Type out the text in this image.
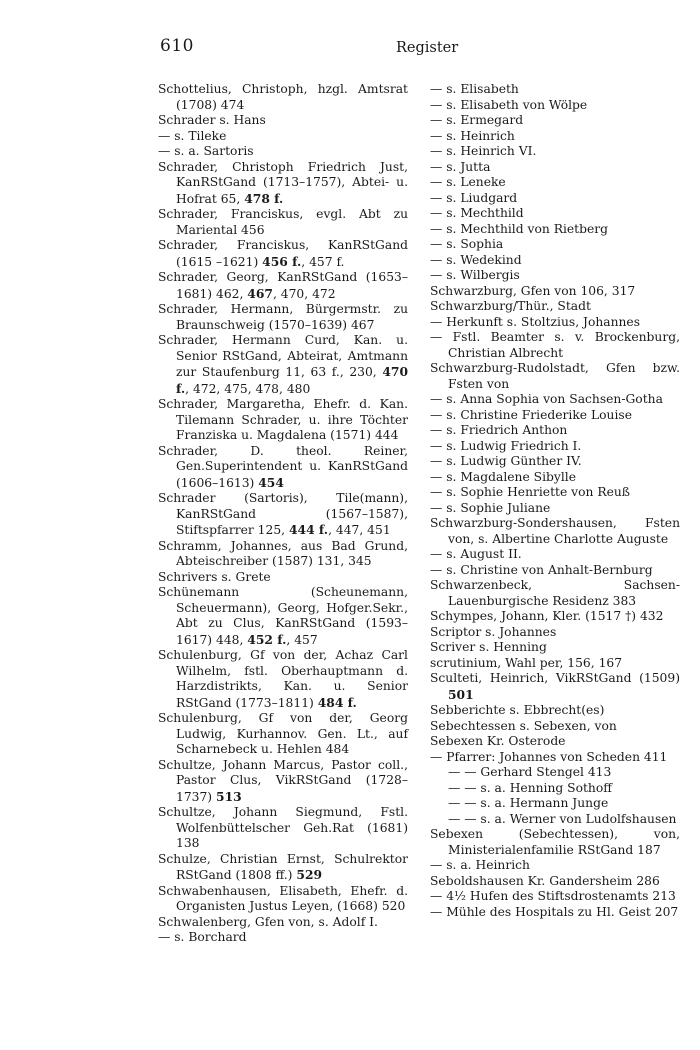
610	Register
Schottelius, Christoph, hzgl. Amtsrat (1708) 474
Schrader s. Hans
— s. Tileke
— s. a. Sartoris
Schrader, Christoph Friedrich Just, KanRStGand (1713–1757), Abtei- u. Hofrat 65, 478 f.
Schrader, Franciskus, evgl. Abt zu Mariental 456
Schrader, Franciskus, KanRStGand (1615 –1621) 456 f., 457 f.
Schrader, Georg, KanRStGand (1653–1681) 462, 467, 470, 472
Schrader, Hermann, Bürgermstr. zu Braunschweig (1570–1639) 467
Schrader, Hermann Curd, Kan. u. Senior RStGand, Abteirat, Amtmann zur Staufenburg 11, 63 f., 230, 470 f., 472, 475, 478, 480
Schrader, Margaretha, Ehefr. d. Kan. Tilemann Schrader, u. ihre Töchter Franziska u. Magdalena (1571) 444
Schrader, D. theol. Reiner, Gen.Superintendent u. KanRStGand (1606–1613) 454
Schrader (Sartoris), Tile(mann), KanRStGand (1567–1587), Stiftspfarrer 125, 444 f., 447, 451
Schramm, Johannes, aus Bad Grund, Abteischreiber (1587) 131, 345
Schrivers s. Grete
Schünemann (Scheunemann, Scheuermann), Georg, Hofger.Sekr., Abt zu Clus, KanRStGand (1593–1617) 448, 452 f., 457
Schulenburg, Gf von der, Achaz Carl Wilhelm, fstl. Oberhauptmann d. Harzdistrikts, Kan. u. Senior RStGand (1773–1811) 484 f.
Schulenburg, Gf von der, Georg Ludwig, Kurhannov. Gen. Lt., auf Scharnebeck u. Hehlen 484
Schultze, Johann Marcus, Pastor coll., Pastor Clus, VikRStGand (1728–1737) 513
Schultze, Johann Siegmund, Fstl. Wolfenbüttelscher Geh.Rat (1681) 138
Schulze, Christian Ernst, Schulrektor RStGand (1808 ff.) 529
Schwabenhausen, Elisabeth, Ehefr. d. Organisten Justus Leyen, (1668) 520
Schwalenberg, Gfen von, s. Adolf I.
— s. Borchard
— s. Elisabeth
— s. Elisabeth von Wölpe
— s. Ermegard
— s. Heinrich
— s. Heinrich VI.
— s. Jutta
— s. Leneke
— s. Liudgard
— s. Mechthild
— s. Mechthild von Rietberg
— s. Sophia
— s. Wedekind
— s. Wilbergis
Schwarzburg, Gfen von 106, 317
Schwarzburg/Thür., Stadt
— Herkunft s. Stoltzius, Johannes
— Fstl. Beamter s. v. Brockenburg, Christian Albrecht
Schwarzburg-Rudolstadt, Gfen bzw. Fsten von
— s. Anna Sophia von Sachsen-Gotha
— s. Christine Friederike Louise
— s. Friedrich Anthon
— s. Ludwig Friedrich I.
— s. Ludwig Günther IV.
— s. Magdalene Sibylle
— s. Sophie Henriette von Reuß
— s. Sophie Juliane
Schwarzburg-Sondershausen, Fsten von, s. Albertine Charlotte Auguste
— s. August II.
— s. Christine von Anhalt-Bernburg
Schwarzenbeck, Sachsen-Lauenburgische Residenz 383
Schympes, Johann, Kler. (1517 †) 432
Scriptor s. Johannes
Scriver s. Henning
scrutinium, Wahl per, 156, 167
Sculteti, Heinrich, VikRStGand (1509) 501
Sebberichte s. Ebbrecht(es)
Sebechtessen s. Sebexen, von
Sebexen Kr. Osterode
— Pfarrer: Johannes von Scheden 411
— — Gerhard Stengel 413
— — s. a. Henning Sothoff
— — s. a. Hermann Junge
— — s. a. Werner von Ludolfshausen
Sebexen (Sebechtessen), von, Ministerialenfamilie RStGand 187
— s. a. Heinrich
Seboldshausen Kr. Gandersheim 286
— 4½ Hufen des Stiftsdrostenamts 213
— Mühle des Hospitals zu Hl. Geist 207
